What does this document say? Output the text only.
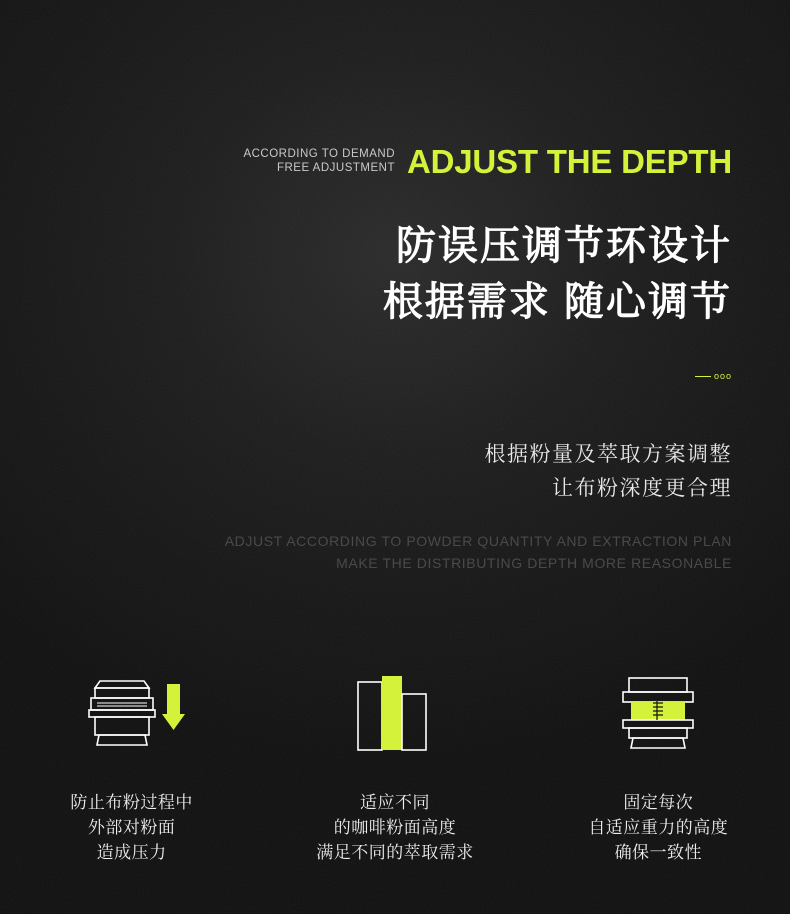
ACCORDING TO DEMAND
FREE ADJUSTMENT ADJUST THE DEPTH
防误压调节环设计
根据需求 随心调节
ooo
根据粉量及萃取方案调整
让布粉深度更合理
ADJUST ACCORDING TO POWDER QUANTITY AND EXTRACTION PLAN
MAKE THE DISTRIBUTING DEPTH MORE REASONABLE
防止布粉过程中
外部对粉面
造成压力
适应不同
的咖啡粉面高度
满足不同的萃取需求
固定每次
自适应重力的高度
确保一致性
